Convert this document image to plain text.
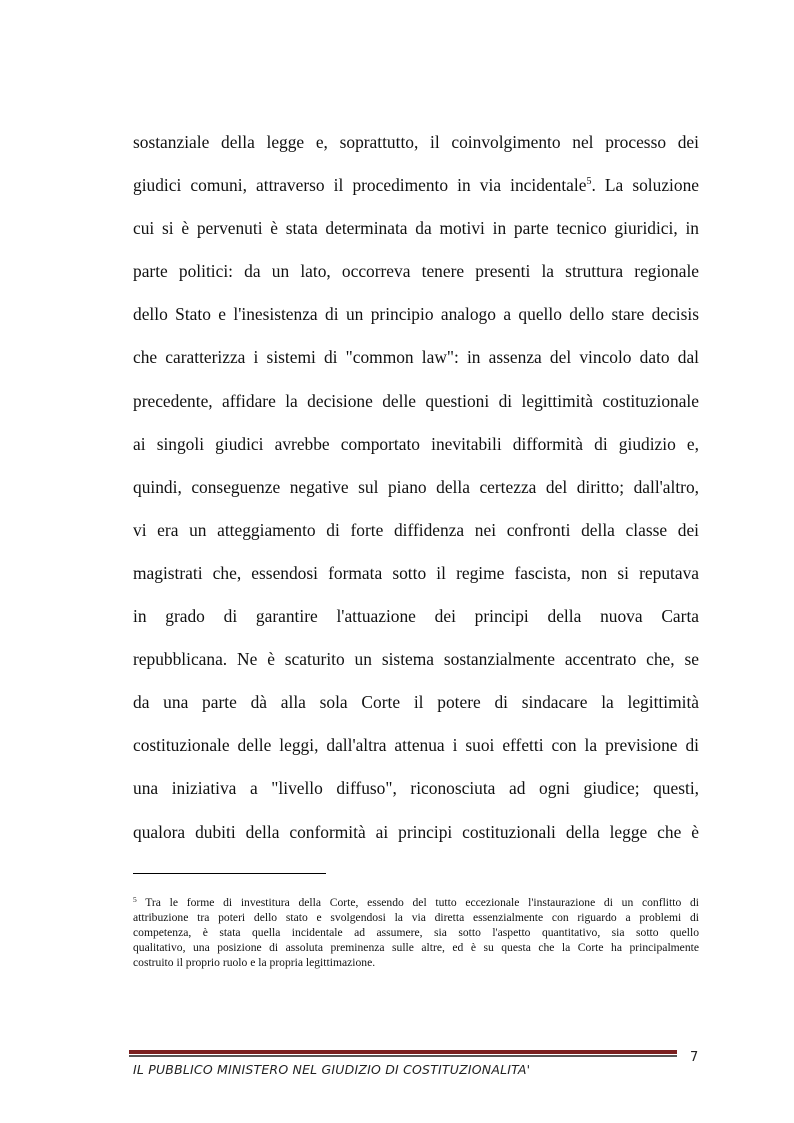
sostanziale della legge e, soprattutto, il coinvolgimento nel processo dei
giudici comuni, attraverso il procedimento in via incidentale$^5$. La soluzione
cui si è pervenuti è stata determinata da motivi in parte tecnico giuridici, in
parte politici: da un lato, occorreva tenere presenti la struttura regionale
dello Stato e l'inesistenza di un principio analogo a quello dello stare decisis
che caratterizza i sistemi di "common law": in assenza del vincolo dato dal
precedente, affidare la decisione delle questioni di legittimità costituzionale
ai singoli giudici avrebbe comportato inevitabili difformità di giudizio e,
quindi, conseguenze negative sul piano della certezza del diritto; dall'altro,
vi era un atteggiamento di forte diffidenza nei confronti della classe dei
magistrati che, essendosi formata sotto il regime fascista, non si reputava
in grado di garantire l'attuazione dei principi della nuova Carta
repubblicana. Ne è scaturito un sistema sostanzialmente accentrato che, se
da una parte dà alla sola Corte il potere di sindacare la legittimità
costituzionale delle leggi, dall'altra attenua i suoi effetti con la previsione di
una iniziativa a "livello diffuso", riconosciuta ad ogni giudice; questi,
qualora dubiti della conformità ai principi costituzionali della legge che è
$^5$ Tra le forme di investitura della Corte, essendo del tutto eccezionale l'instaurazione di un conflitto di
attribuzione tra poteri dello stato e svolgendosi la via diretta essenzialmente con riguardo a problemi di
competenza, è stata quella incidentale ad assumere, sia sotto l'aspetto quantitativo, sia sotto quello
qualitativo, una posizione di assoluta preminenza sulle altre, ed è su questa che la Corte ha principalmente
costruito il proprio ruolo e la propria legittimazione.
IL PUBBLICO MINISTERO NEL GIUDIZIO DI COSTITUZIONALITA'
7
